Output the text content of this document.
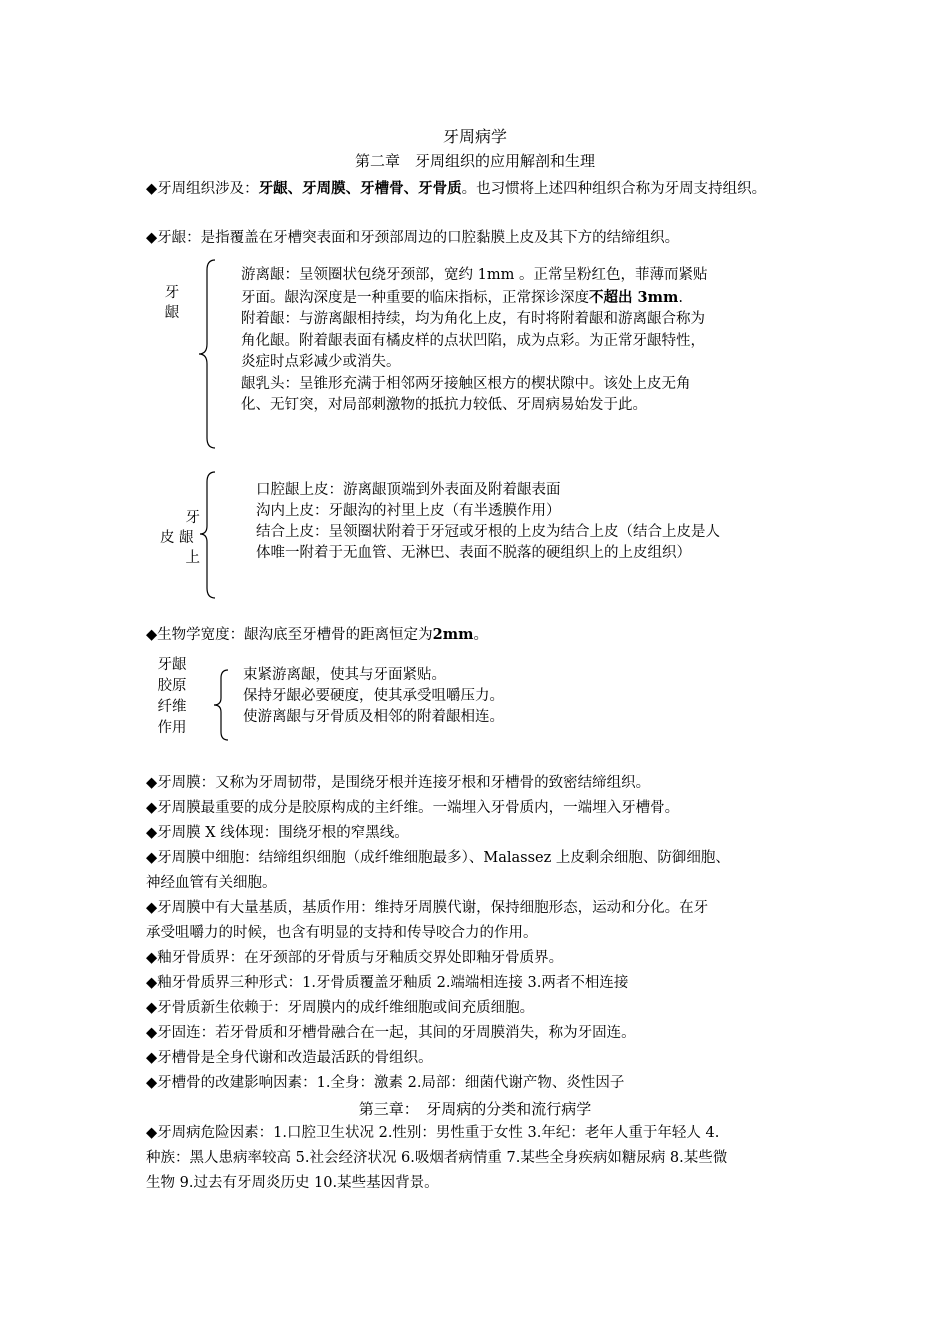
牙周病学
第二章　牙周组织的应用解剖和生理
◆牙周组织涉及：牙龈、牙周膜、牙槽骨、牙骨质。也习惯将上述四种组织合称为牙周支持组织。
◆牙龈：是指覆盖在牙槽突表面和牙颈部周边的口腔黏膜上皮及其下方的结缔组织。
牙
龈
游离龈：呈领圈状包绕牙颈部，宽约 1mm 。正常呈粉红色，菲薄而紧贴
牙面。龈沟深度是一种重要的临床指标，正常探诊深度不超出 3mm.
附着龈：与游离龈相持续，均为角化上皮，有时将附着龈和游离龈合称为
角化龈。附着龈表面有橘皮样的点状凹陷，成为点彩。为正常牙龈特性，
炎症时点彩减少或消失。
龈乳头：呈锥形充满于相邻两牙接触区根方的楔状隙中。该处上皮无角
化、无钉突，对局部刺激物的抵抗力较低、牙周病易始发于此。
牙
皮 龈
上
口腔龈上皮：游离龈顶端到外表面及附着龈表面
沟内上皮：牙龈沟的衬里上皮（有半透膜作用）
结合上皮：呈领圈状附着于牙冠或牙根的上皮为结合上皮（结合上皮是人
体唯一附着于无血管、无淋巴、表面不脱落的硬组织上的上皮组织）
◆生物学宽度：龈沟底至牙槽骨的距离恒定为2mm。
牙龈
胶原
纤维
作用
束紧游离龈，使其与牙面紧贴。
保持牙龈必要硬度，使其承受咀嚼压力。
使游离龈与牙骨质及相邻的附着龈相连。
◆牙周膜：又称为牙周韧带，是围绕牙根并连接牙根和牙槽骨的致密结缔组织。
◆牙周膜最重要的成分是胶原构成的主纤维。一端埋入牙骨质内，一端埋入牙槽骨。
◆牙周膜 X 线体现：围绕牙根的窄黑线。
◆牙周膜中细胞：结缔组织细胞（成纤维细胞最多）、Malassez 上皮剩余细胞、防御细胞、
神经血管有关细胞。
◆牙周膜中有大量基质，基质作用：维持牙周膜代谢，保持细胞形态，运动和分化。在牙
承受咀嚼力的时候，也含有明显的支持和传导咬合力的作用。
◆釉牙骨质界：在牙颈部的牙骨质与牙釉质交界处即釉牙骨质界。
◆釉牙骨质界三种形式：1.牙骨质覆盖牙釉质 2.端端相连接 3.两者不相连接
◆牙骨质新生依赖于：牙周膜内的成纤维细胞或间充质细胞。
◆牙固连：若牙骨质和牙槽骨融合在一起，其间的牙周膜消失，称为牙固连。
◆牙槽骨是全身代谢和改造最活跃的骨组织。
◆牙槽骨的改建影响因素：1.全身：激素 2.局部：细菌代谢产物、炎性因子
第三章：　牙周病的分类和流行病学
◆牙周病危险因素：1.口腔卫生状况 2.性别：男性重于女性 3.年纪：老年人重于年轻人 4.
种族：黑人患病率较高 5.社会经济状况 6.吸烟者病情重 7.某些全身疾病如糖尿病 8.某些微
生物 9.过去有牙周炎历史 10.某些基因背景。
